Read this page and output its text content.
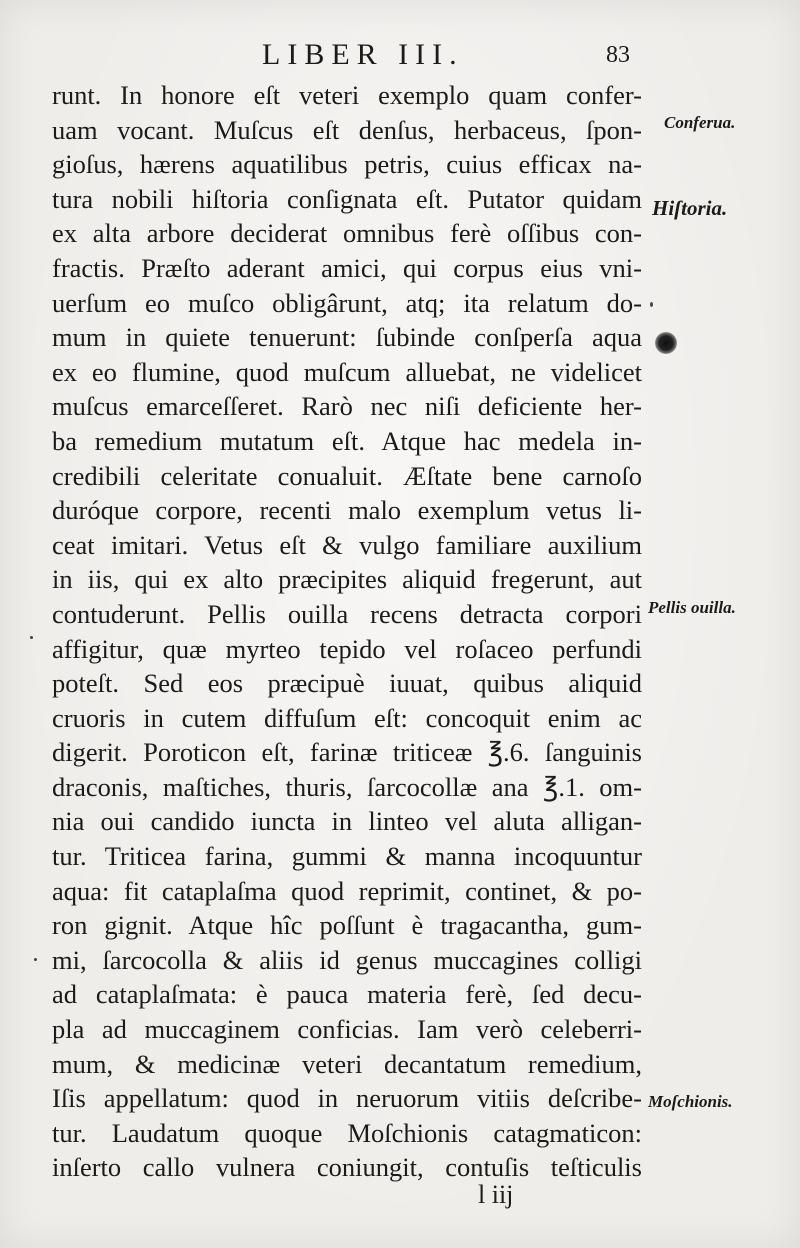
LIBER III.	83
runt. In honore eſt veteri exemplo quam confer-
uam vocant. Muſcus eſt denſus, herbaceus, ſpon-
gioſus, hærens aquatilibus petris, cuius efficax na-
tura nobili hiſtoria conſignata eſt. Putator quidam
ex alta arbore deciderat omnibus ferè oſſibus con-
fractis. Præſto aderant amici, qui corpus eius vni-
uerſum eo muſco obligârunt, atq; ita relatum do-
mum in quiete tenuerunt: ſubinde conſperſa aqua
ex eo flumine, quod muſcum alluebat, ne videlicet
muſcus emarceſſeret. Rarò nec niſi deficiente her-
ba remedium mutatum eſt. Atque hac medela in-
credibili celeritate conualuit. Æſtate bene carnoſo
duróque corpore, recenti malo exemplum vetus li-
ceat imitari. Vetus eſt & vulgo familiare auxilium
in iis, qui ex alto præcipites aliquid fregerunt, aut
contuderunt. Pellis ouilla recens detracta corpori
affigitur, quæ myrteo tepido vel roſaceo perfundi
poteſt. Sed eos præcipuè iuuat, quibus aliquid
cruoris in cutem diffuſum eſt: concoquit enim ac
digerit. Poroticon eſt, farinæ triticeæ ℥.6. ſanguinis
draconis, maſtiches, thuris, ſarcocollæ ana ℥.1. om-
nia oui candido iuncta in linteo vel aluta alligan-
tur. Triticea farina, gummi & manna incoquuntur
aqua: fit cataplaſma quod reprimit, continet, & po-
ron gignit. Atque hîc poſſunt è tragacantha, gum-
mi, ſarcocolla & aliis id genus muccagines colligi
ad cataplaſmata: è pauca materia ferè, ſed decu-
pla ad muccaginem conficias. Iam verò celeberri-
mum, & medicinæ veteri decantatum remedium,
Iſis appellatum: quod in neruorum vitiis deſcribe-
tur. Laudatum quoque Moſchionis catagmaticon:
inſerto callo vulnera coniungit, contuſis teſticulis
Conferua.
Hiſtoria.
Pellis ouilla.
Moſchionis.
l iij
